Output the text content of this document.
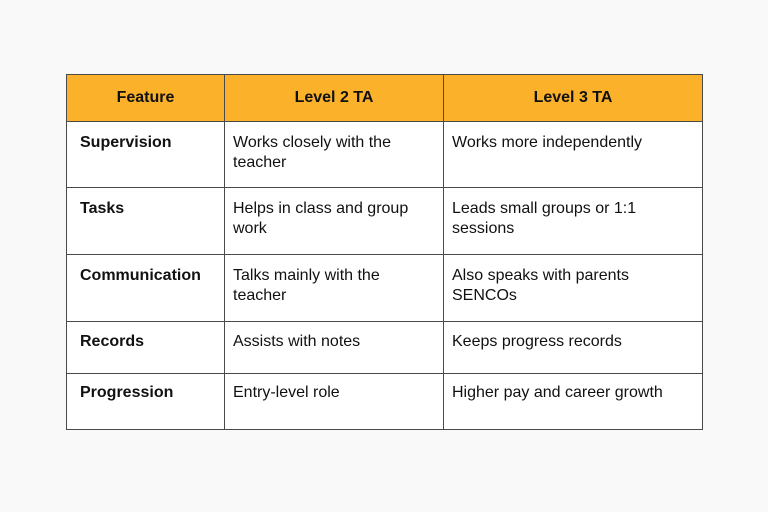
Feature	Level 2 TA	Level 3 TA
Supervision	Works closely with the teacher	Works more independently
Tasks	Helps in class and group work	Leads small groups or 1:1 sessions
Communication	Talks mainly with the teacher	Also speaks with parents SENCOs
Records	Assists with notes	Keeps progress records
Progression	Entry-level role	Higher pay and career growth
